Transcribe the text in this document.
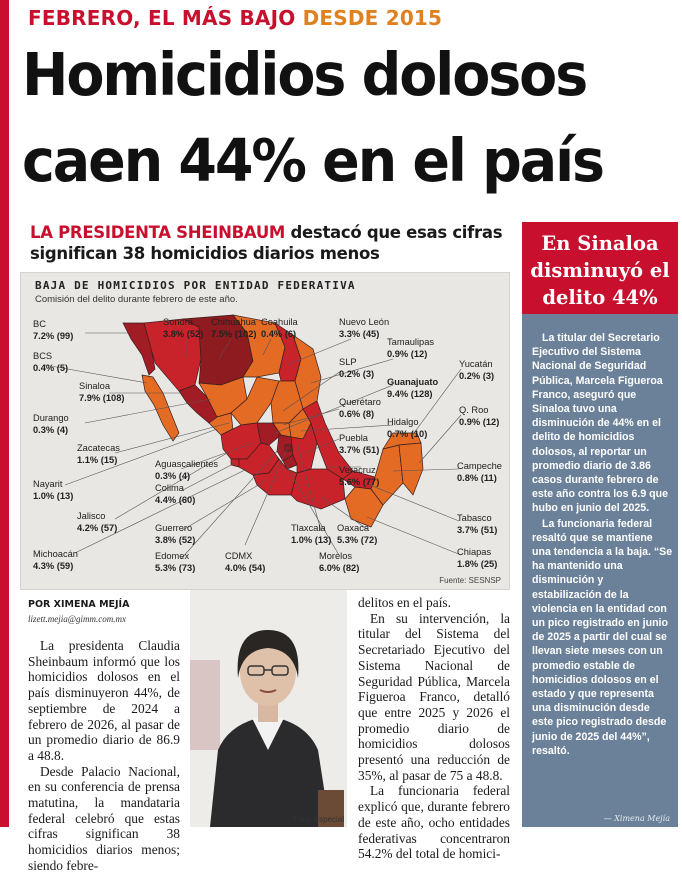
FEBRERO, EL MÁS BAJO DESDE 2015
Homicidios dolosos
caen 44% en el país
LA PRESIDENTA SHEINBAUM destacó que esas cifras significan 38 homicidios diarios menos
BAJA DE HOMICIDIOS POR ENTIDAD FEDERATIVA
Comisión del delito durante febrero de este año.
BC
7.2% (99)
BCS
0.4% (5)
Sinaloa
7.9% (108)
Durango
0.3% (4)
Zacatecas
1.1% (15)
Nayarit
1.0% (13)
Jalisco
4.2% (57)
Michoacán
4.3% (59)
Sonora
3.8% (52)
Chihuahua
7.5% (102)
Coahuila
0.4% (6)
Nuevo León
3.3% (45)
Tamaulipas
0.9% (12)
SLP
0.2% (3)
Guanajuato
9.4% (128)
Querétaro
0.6% (8)
Hidalgo
0.7% (10)
Yucatán
0.2% (3)
Q. Roo
0.9% (12)
Campeche
0.8% (11)
Tabasco
3.7% (51)
Chiapas
1.8% (25)
Aguascalientes
0.3% (4)
Colima
4.4% (60)
Guerrero
3.8% (52)
Edomex
5.3% (73)
CDMX
4.0% (54)
Tlaxcala
1.0% (13)
Morelos
6.0% (82)
Oaxaca
5.3% (72)
Puebla
3.7% (51)
Veracruz
5.6% (77)
Fuente: SESNSP
En Sinaloa disminuyó el delito 44%

La titular del Secretario Ejecutivo del Sistema Nacional de Seguridad Pública, Marcela Figueroa Franco, aseguró que Sinaloa tuvo una disminución de 44% en el delito de homicidios dolosos, al reportar un promedio diario de 3.86 casos durante febrero de este año contra los 6.9 que hubo en junio del 2025.

La funcionaria federal resaltó que se mantiene una tendencia a la baja. “Se ha mantenido una disminución y estabilización de la violencia en la entidad con un pico registrado en junio de 2025 a partir del cual se llevan siete meses con un promedio estable de homicidios dolosos en el estado y que representa una disminución desde este pico registrado desde junio de 2025 del 44%”, resaltó.

— Ximena Mejía
POR XIMENA MEJÍA
lizett.mejia@gimm.com.mx

La presidenta Claudia Sheinbaum informó que los homicidios dolosos en el país disminuyeron 44%, de septiembre de 2024 a febrero de 2026, al pasar de un promedio diario de 86.9 a 48.8.

Desde Palacio Nacional, en su conferencia de prensa matutina, la mandataria federal celebró que estas cifras significan 38 homicidios diarios menos; siendo febre-

Foto: Especial

delitos en el país.

En su intervención, la titular del Sistema del Secretariado Ejecutivo del Sistema Nacional de Seguridad Pública, Marcela Figueroa Franco, detalló que entre 2025 y 2026 el promedio diario de homicidios dolosos presentó una reducción de 35%, al pasar de 75 a 48.8.

La funcionaria federal explicó que, durante febrero de este año, ocho entidades federativas concentraron 54.2% del total de homici-
